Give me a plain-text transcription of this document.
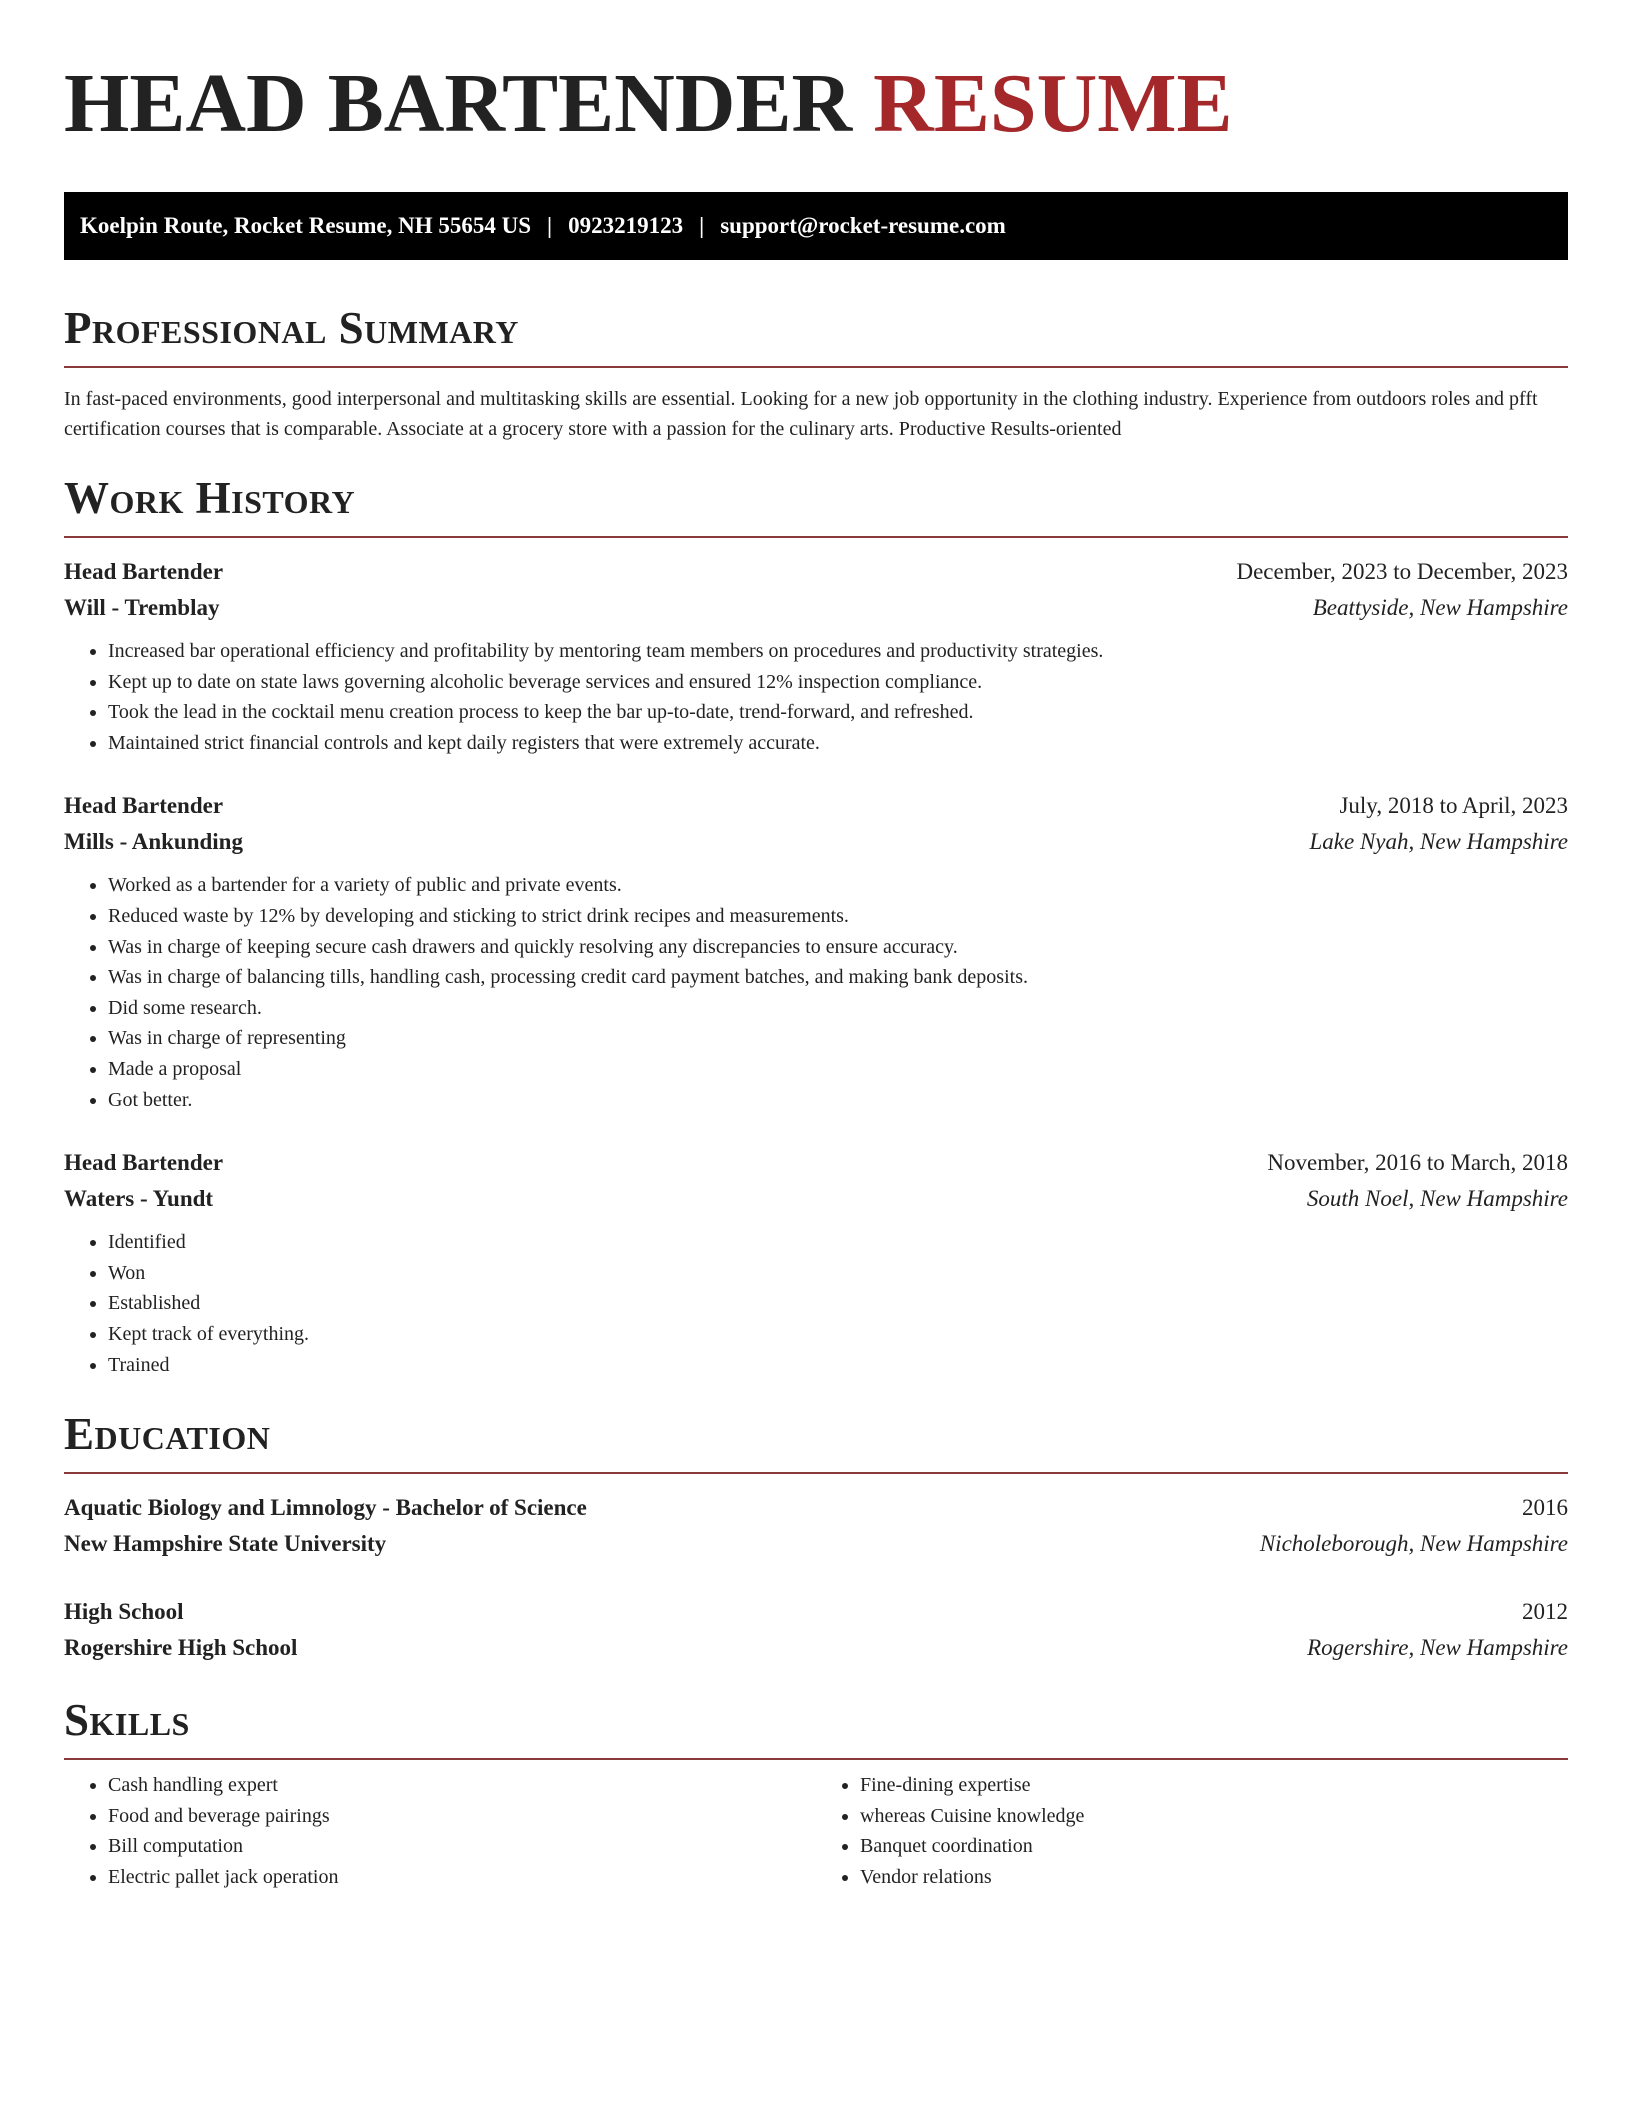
HEAD BARTENDER RESUME
Koelpin Route, Rocket Resume, NH 55654 US | 0923219123 | support@rocket-resume.com
Professional Summary
In fast-paced environments, good interpersonal and multitasking skills are essential. Looking for a new job opportunity in the clothing industry. Experience from outdoors roles and pfft certification courses that is comparable. Associate at a grocery store with a passion for the culinary arts. Productive Results-oriented
Work History
Head Bartender	December, 2023 to December, 2023
Will - Tremblay	Beattyside, New Hampshire
• Increased bar operational efficiency and profitability by mentoring team members on procedures and productivity strategies.
• Kept up to date on state laws governing alcoholic beverage services and ensured 12% inspection compliance.
• Took the lead in the cocktail menu creation process to keep the bar up-to-date, trend-forward, and refreshed.
• Maintained strict financial controls and kept daily registers that were extremely accurate.
Head Bartender	July, 2018 to April, 2023
Mills - Ankunding	Lake Nyah, New Hampshire
• Worked as a bartender for a variety of public and private events.
• Reduced waste by 12% by developing and sticking to strict drink recipes and measurements.
• Was in charge of keeping secure cash drawers and quickly resolving any discrepancies to ensure accuracy.
• Was in charge of balancing tills, handling cash, processing credit card payment batches, and making bank deposits.
• Did some research.
• Was in charge of representing
• Made a proposal
• Got better.
Head Bartender	November, 2016 to March, 2018
Waters - Yundt	South Noel, New Hampshire
• Identified
• Won
• Established
• Kept track of everything.
• Trained
Education
Aquatic Biology and Limnology - Bachelor of Science	2016
New Hampshire State University	Nicholeborough, New Hampshire
High School	2012
Rogershire High School	Rogershire, New Hampshire
Skills
• Cash handling expert
• Food and beverage pairings
• Bill computation
• Electric pallet jack operation
• Fine-dining expertise
• whereas Cuisine knowledge
• Banquet coordination
• Vendor relations
